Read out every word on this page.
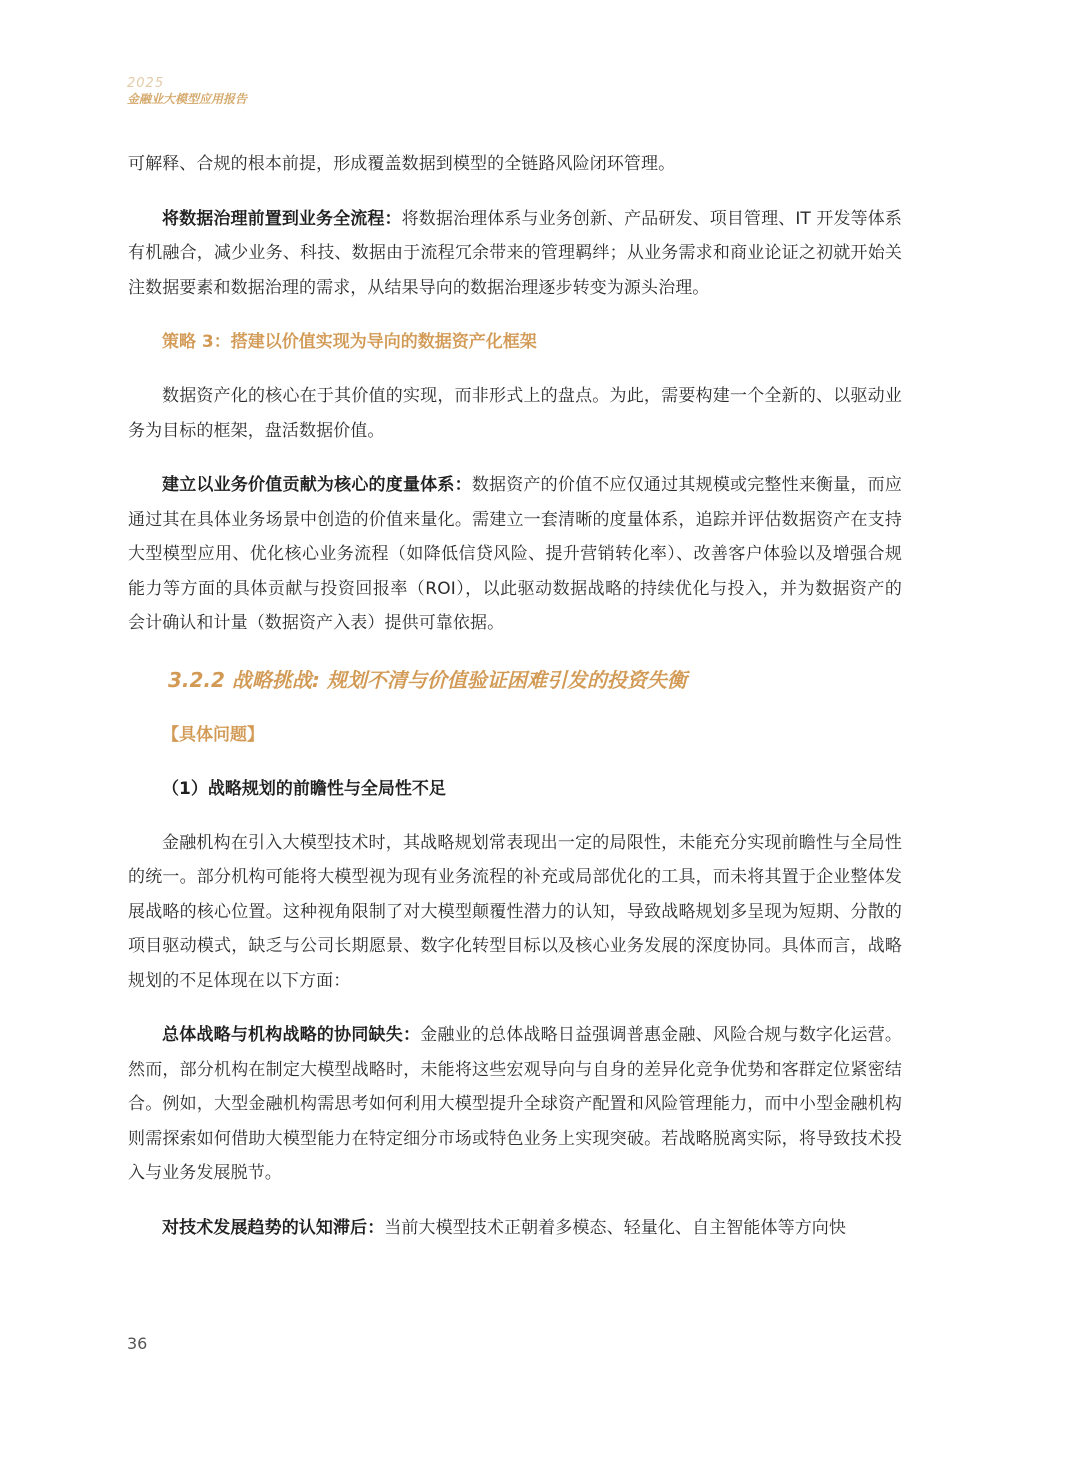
2025
金融业大模型应用报告

可解释、合规的根本前提，形成覆盖数据到模型的全链路风险闭环管理。

将数据治理前置到业务全流程：将数据治理体系与业务创新、产品研发、项目管理、IT 开发等体系有机融合，减少业务、科技、数据由于流程冗余带来的管理羁绊；从业务需求和商业论证之初就开始关注数据要素和数据治理的需求，从结果导向的数据治理逐步转变为源头治理。

策略 3：搭建以价值实现为导向的数据资产化框架

数据资产化的核心在于其价值的实现，而非形式上的盘点。为此，需要构建一个全新的、以驱动业务为目标的框架，盘活数据价值。

建立以业务价值贡献为核心的度量体系：数据资产的价值不应仅通过其规模或完整性来衡量，而应通过其在具体业务场景中创造的价值来量化。需建立一套清晰的度量体系，追踪并评估数据资产在支持大型模型应用、优化核心业务流程（如降低信贷风险、提升营销转化率）、改善客户体验以及增强合规能力等方面的具体贡献与投资回报率（ROI），以此驱动数据战略的持续优化与投入，并为数据资产的会计确认和计量（数据资产入表）提供可靠依据。

3.2.2 战略挑战: 规划不清与价值验证困难引发的投资失衡

【具体问题】

（1）战略规划的前瞻性与全局性不足

金融机构在引入大模型技术时，其战略规划常表现出一定的局限性，未能充分实现前瞻性与全局性的统一。部分机构可能将大模型视为现有业务流程的补充或局部优化的工具，而未将其置于企业整体发展战略的核心位置。这种视角限制了对大模型颠覆性潜力的认知，导致战略规划多呈现为短期、分散的项目驱动模式，缺乏与公司长期愿景、数字化转型目标以及核心业务发展的深度协同。具体而言，战略规划的不足体现在以下方面：

总体战略与机构战略的协同缺失：金融业的总体战略日益强调普惠金融、风险合规与数字化运营。然而，部分机构在制定大模型战略时，未能将这些宏观导向与自身的差异化竞争优势和客群定位紧密结合。例如，大型金融机构需思考如何利用大模型提升全球资产配置和风险管理能力，而中小型金融机构则需探索如何借助大模型能力在特定细分市场或特色业务上实现突破。若战略脱离实际，将导致技术投入与业务发展脱节。

对技术发展趋势的认知滞后：当前大模型技术正朝着多模态、轻量化、自主智能体等方向快

36
